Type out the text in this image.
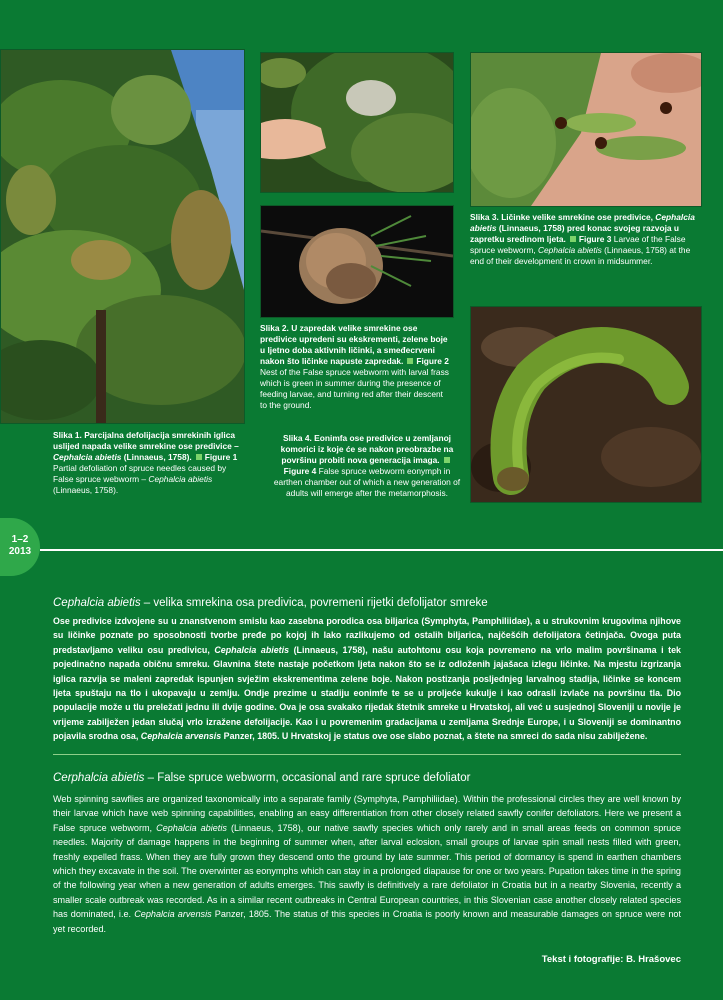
Slika 1. Parcijalna defolijacija smrekinih iglica uslijed napada velike smrekine ose predivice – Cephalcia abietis (Linnaeus, 1758). Figure 1
Partial defoliation of spruce needles caused by False spruce webworm – Cephalcia abietis (Linnaeus, 1758).
Slika 2. U zapredak velike smrekine ose predivice upredeni su ekskrementi, zelene boje u ljetno doba aktivnih ličinki, a smeđecrveni nakon što ličinke napuste zapredak. Figure 2 Nest of the False spruce webworm with larval frass which is green in summer during the presence of feeding larvae, and turning red after their descent to the ground.
Slika 3. Ličinke velike smrekine ose predivice, Cephalcia abietis (Linnaeus, 1758) pred konac svojeg razvoja u zapretku sredinom ljeta. Figure 3 Larvae of the False spruce webworm, Cephalcia abietis (Linnaeus, 1758) at the end of their development in crown in midsummer.
Slika 4. Eonimfa ose predivice u zemljanoj komorici iz koje će se nakon preobrazbe na površinu probiti nova generacija imaga.Figure 4 False spruce webworm eonymph in earthen chamber out of which a new generation of adults will emerge after the metamorphosis.
1–2
2013
Cephalcia abietis – velika smrekina osa predivica, povremeni rijetki defolijator smreke
Ose predivice izdvojene su u znanstvenom smislu kao zasebna porodica osa biljarica (Symphyta, Pamphiliidae), a u strukovnim krugovima njihove su ličinke poznate po sposobnosti tvorbe pređe po kojoj ih lako razlikujemo od ostalih biljarica, najčešćih defolijatora četinjača. Ovoga puta predstavljamo veliku osu predivicu, Cephalcia abietis (Linnaeus, 1758), našu autohtonu osu koja povremeno na vrlo malim površinama i tek pojedinačno napada običnu smreku. Glavnina štete nastaje početkom ljeta nakon što se iz odloženih jajašaca izlegu ličinke. Na mjestu izgrizanja iglica razvija se maleni zapredak ispunjen svježim ekskrementima zelene boje. Nakon postizanja posljednjeg larvalnog stadija, ličinke se koncem ljeta spuštaju na tlo i ukopavaju u zemlju. Ondje prezime u stadiju eonimfe te se u proljeće kukulje i kao odrasli izvlače na površinu tla. Dio populacije može u tlu preležati jednu ili dvije godine. Ova je osa svakako rijedak štetnik smreke u Hrvatskoj, ali već u susjednoj Sloveniji u novije je vrijeme zabilježen jedan slučaj vrlo izražene defolijacije. Kao i u povremenim gradacijama u zemljama Srednje Europe, i u Sloveniji se dominantno pojavila srodna osa, Cephalcia arvensis Panzer, 1805. U Hrvatskoj je status ove ose slabo poznat, a štete na smreci do sada nisu zabilježene.
Cerphalcia abietis – False spruce webworm, occasional and rare spruce defoliator
Web spinning sawflies are organized taxonomically into a separate family (Symphyta, Pamphiliidae). Within the professional circles they are well known by their larvae which have web spinning capabilities, enabling an easy differentiation from other closely related sawfly conifer defoliators. Here we present a False spruce webworm, Cephalcia abietis (Linnaeus, 1758), our native sawfly species which only rarely and in small areas feeds on common spruce needles. Majority of damage happens in the beginning of summer when, after larval eclosion, small groups of larvae spin small nests filled with green, freshly expelled frass. When they are fully grown they descend onto the ground by late summer. This period of dormancy is spend in earthen chambers which they excavate in the soil. The overwinter as eonymphs which can stay in a prolonged diapause for one or two years. Pupation takes time in the spring of the following year when a new generation of adults emerges. This sawfly is definitively a rare defoliator in Croatia but in a nearby Slovenia, recently a smaller scale outbreak was recorded. As in a similar recent outbreaks in Central European countries, in this Slovenian case another closely related species has dominated, i.e. Cephalcia arvensis Panzer, 1805. The status of this species in Croatia is poorly known and measurable damages on spruce were not yet recorded.
Tekst i fotografije: B. Hrašovec
